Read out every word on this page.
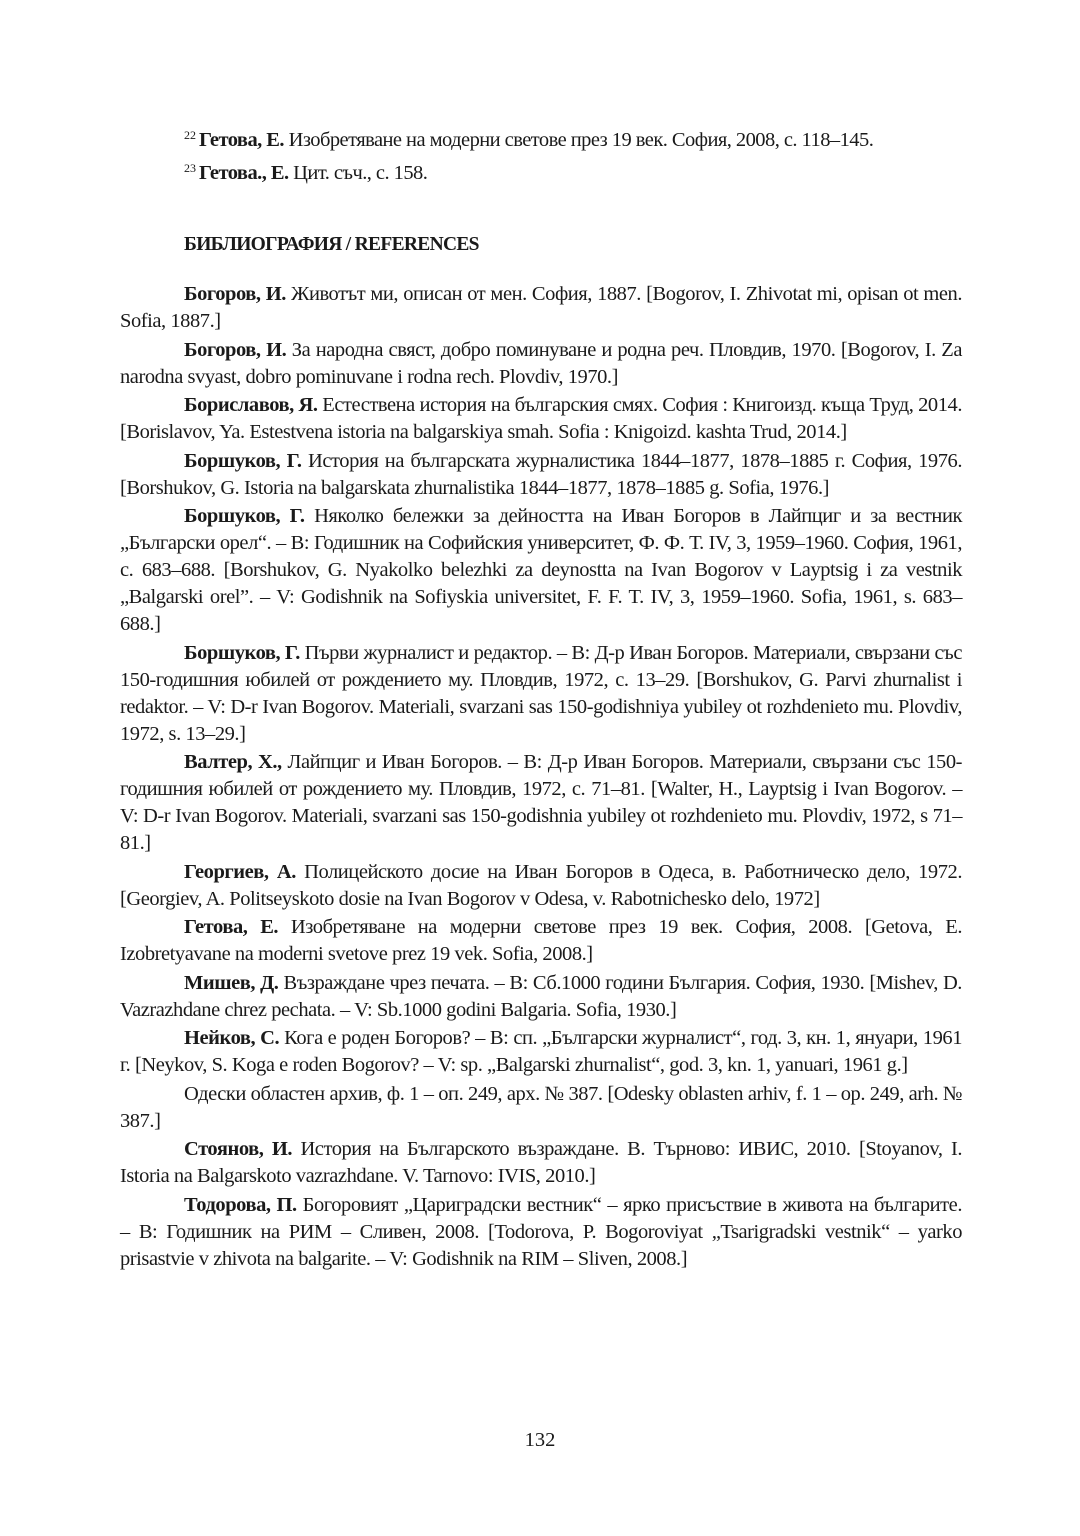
$^{22}$ Гетова, Е. Изобретяване на модерни светове през 19 век. София, 2008, с. 118–145.
$^{23}$ Гетова., Е. Цит. съч., с. 158.
БИБЛИОГРАФИЯ / REFERENCES

Богоров, И. Животът ми, описан от мен. София, 1887. [Bogorov, I. Zhivotat mi, opisan ot men. Sofia, 1887.]

Богоров, И. За народна свяст, добро поминуване и родна реч. Пловдив, 1970. [Bogorov, I. Za narodna svyast, dobro pominuvane i rodna rech. Plovdiv, 1970.]

Бориславов, Я. Естествена история на българския смях. София : Книгоизд. къща Труд, 2014. [Borislavov, Ya. Estestvena istoria na balgarskiya smah. Sofia : Knigoizd. kashta Trud, 2014.]

Боршуков, Г. История на българската журналистика 1844–1877, 1878–1885 г. София, 1976. [Borshukov, G. Istoria na balgarskata zhurnalistika 1844–1877, 1878–1885 g. Sofia, 1976.]

Боршуков, Г. Няколко бележки за дейността на Иван Богоров в Лайпциг и за вестник „Български орел“. – В: Годишник на Софийския университет, Ф. Ф. Т. IV, 3, 1959–1960. София, 1961, с. 683–688. [Borshukov, G. Nyakolko belezhki za deynostta na Ivan Bogorov v Layptsig i za vestnik „Balgarski orel”. – V: Godishnik na Sofiyskia universitet, F. F. T. IV, 3, 1959–1960. Sofia, 1961, s. 683–688.]

Боршуков, Г. Първи журналист и редактор. – В: Д-р Иван Богоров. Материали, свързани със 150-годишния юбилей от рождението му. Пловдив, 1972, с. 13–29. [Borshukov, G. Parvi zhurnalist i redaktor. – V: D-r Ivan Bogorov. Materiali, svarzani sas 150-godishniya yubiley ot rozhdenieto mu. Plovdiv, 1972, s. 13–29.]

Валтер, Х., Лайпциг и Иван Богоров. – В: Д-р Иван Богоров. Материали, свързани със 150-годишния юбилей от рождението му. Пловдив, 1972, с. 71–81. [Walter, H., Layptsig i Ivan Bogorov. – V: D-r Ivan Bogorov. Materiali, svarzani sas 150-godishnia yubiley ot rozhdenieto mu. Plovdiv, 1972, s 71–81.]

Георгиев, А. Полицейското досие на Иван Богоров в Одеса, в. Работническо дело, 1972. [Georgiev, A. Politseyskoto dosie na Ivan Bogorov v Odesa, v. Rabotnichesko delo, 1972]

Гетова, Е. Изобретяване на модерни светове през 19 век. София, 2008. [Getova, E. Izobretyavane na moderni svetove prez 19 vek. Sofia, 2008.]

Мишев, Д. Възраждане чрез печата. – В: Сб.1000 години България. София, 1930. [Mishev, D. Vazrazhdane chrez pechata. – V: Sb.1000 godini Balgaria. Sofia, 1930.]

Нейков, С. Кога е роден Богоров? – В: сп. „Български журналист“, год. 3, кн. 1, януари, 1961 г. [Neykov, S. Koga e roden Bogorov? – V: sp. „Balgarski zhurnalist“, god. 3, kn. 1, yanuari, 1961 g.]

Одески областен архив, ф. 1 – оп. 249, арх. № 387. [Odesky oblasten arhiv, f. 1 – op. 249, arh. № 387.]

Стоянов, И. История на Българското възраждане. В. Търново: ИВИС, 2010. [Stoyanov, I. Istoria na Balgarskoto vazrazhdane. V. Tarnovo: IVIS, 2010.]

Тодорова, П. Богоровият „Цариградски вестник“ – ярко присъствие в живота на българите. – В: Годишник на РИМ – Сливен, 2008. [Todorova, P. Bogoroviyat „Tsarigradski vestnik“ – yarko prisastvie v zhivota na balgarite. – V: Godishnik na RIM – Sliven, 2008.]

132
